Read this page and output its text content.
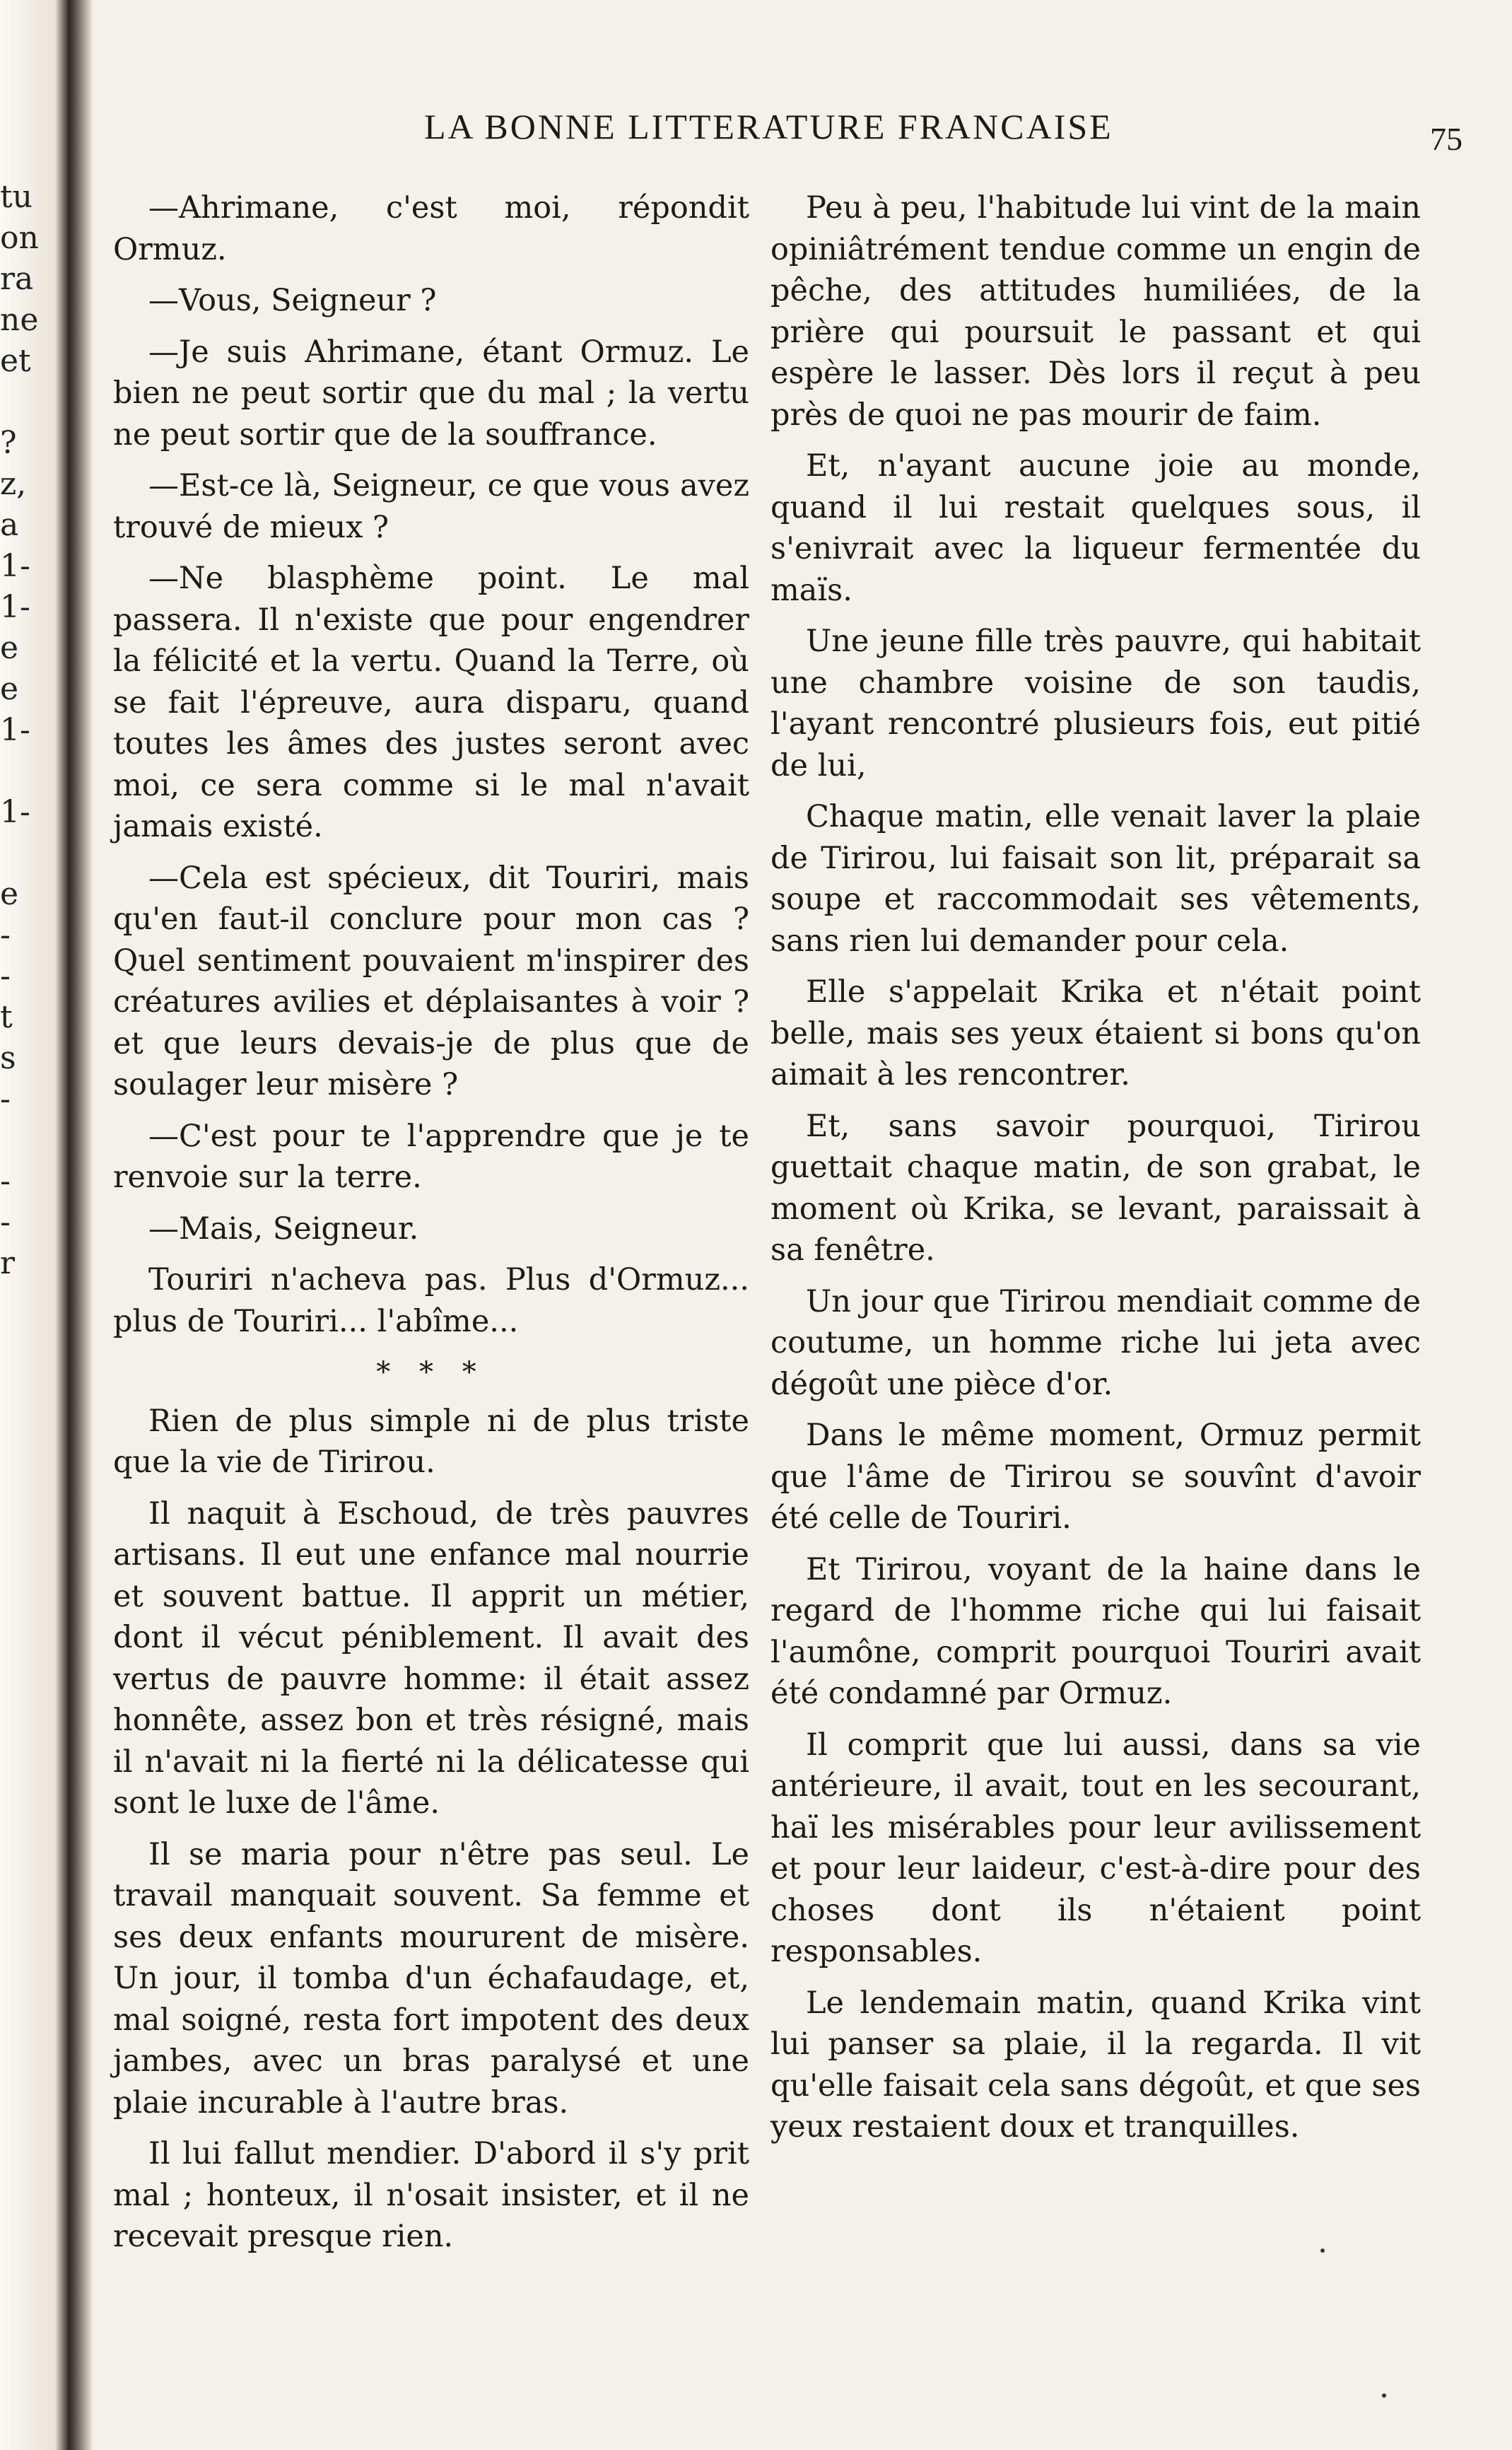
tu
on
ra
ne
et
?
z,
a
1-
1-
e
e
1-
1-
e
-
-
t
s
-
-
-
r
LA BONNE LITTERATURE FRANCAISE	75

—Ahrimane, c'est moi, répondit Ormuz.

—Vous, Seigneur ?

—Je suis Ahrimane, étant Ormuz. Le bien ne peut sortir que du mal ; la vertu ne peut sortir que de la souffrance.

—Est-ce là, Seigneur, ce que vous avez trouvé de mieux ?

—Ne blasphème point. Le mal passera. Il n'existe que pour engendrer la félicité et la vertu. Quand la Terre, où se fait l'épreuve, aura disparu, quand toutes les âmes des justes seront avec moi, ce sera comme si le mal n'avait jamais existé.

—Cela est spécieux, dit Touriri, mais qu'en faut-il conclure pour mon cas ? Quel sentiment pouvaient m'inspirer des créatures avilies et déplaisantes à voir ? et que leurs devais-je de plus que de soulager leur misère ?

—C'est pour te l'apprendre que je te renvoie sur la terre.

—Mais, Seigneur.

Touriri n'acheva pas. Plus d'Ormuz... plus de Touriri... l'abîme...

* * *

Rien de plus simple ni de plus triste que la vie de Tirirou.

Il naquit à Eschoud, de très pauvres artisans. Il eut une enfance mal nourrie et souvent battue. Il apprit un métier, dont il vécut péniblement. Il avait des vertus de pauvre homme: il était assez honnête, assez bon et très résigné, mais il n'avait ni la fierté ni la délicatesse qui sont le luxe de l'âme.

Il se maria pour n'être pas seul. Le travail manquait souvent. Sa femme et ses deux enfants moururent de misère. Un jour, il tomba d'un échafaudage, et, mal soigné, resta fort impotent des deux jambes, avec un bras paralysé et une plaie incurable à l'autre bras.

Il lui fallut mendier. D'abord il s'y prit mal ; honteux, il n'osait insister, et il ne recevait presque rien.

Peu à peu, l'habitude lui vint de la main opiniâtrément tendue comme un engin de pêche, des attitudes humiliées, de la prière qui poursuit le passant et qui espère le lasser. Dès lors il reçut à peu près de quoi ne pas mourir de faim.

Et, n'ayant aucune joie au monde, quand il lui restait quelques sous, il s'enivrait avec la liqueur fermentée du maïs.

Une jeune fille très pauvre, qui habitait une chambre voisine de son taudis, l'ayant rencontré plusieurs fois, eut pitié de lui,

Chaque matin, elle venait laver la plaie de Tirirou, lui faisait son lit, préparait sa soupe et raccommodait ses vêtements, sans rien lui demander pour cela.

Elle s'appelait Krika et n'était point belle, mais ses yeux étaient si bons qu'on aimait à les rencontrer.

Et, sans savoir pourquoi, Tirirou guettait chaque matin, de son grabat, le moment où Krika, se levant, paraissait à sa fenêtre.

Un jour que Tirirou mendiait comme de coutume, un homme riche lui jeta avec dégoût une pièce d'or.

Dans le même moment, Ormuz permit que l'âme de Tirirou se souvînt d'avoir été celle de Touriri.

Et Tirirou, voyant de la haine dans le regard de l'homme riche qui lui faisait l'aumône, comprit pourquoi Touriri avait été condamné par Ormuz.

Il comprit que lui aussi, dans sa vie antérieure, il avait, tout en les secourant, haï les misérables pour leur avilissement et pour leur laideur, c'est-à-dire pour des choses dont ils n'étaient point responsables.

Le lendemain matin, quand Krika vint lui panser sa plaie, il la regarda. Il vit qu'elle faisait cela sans dégoût, et que ses yeux restaient doux et tranquilles.
